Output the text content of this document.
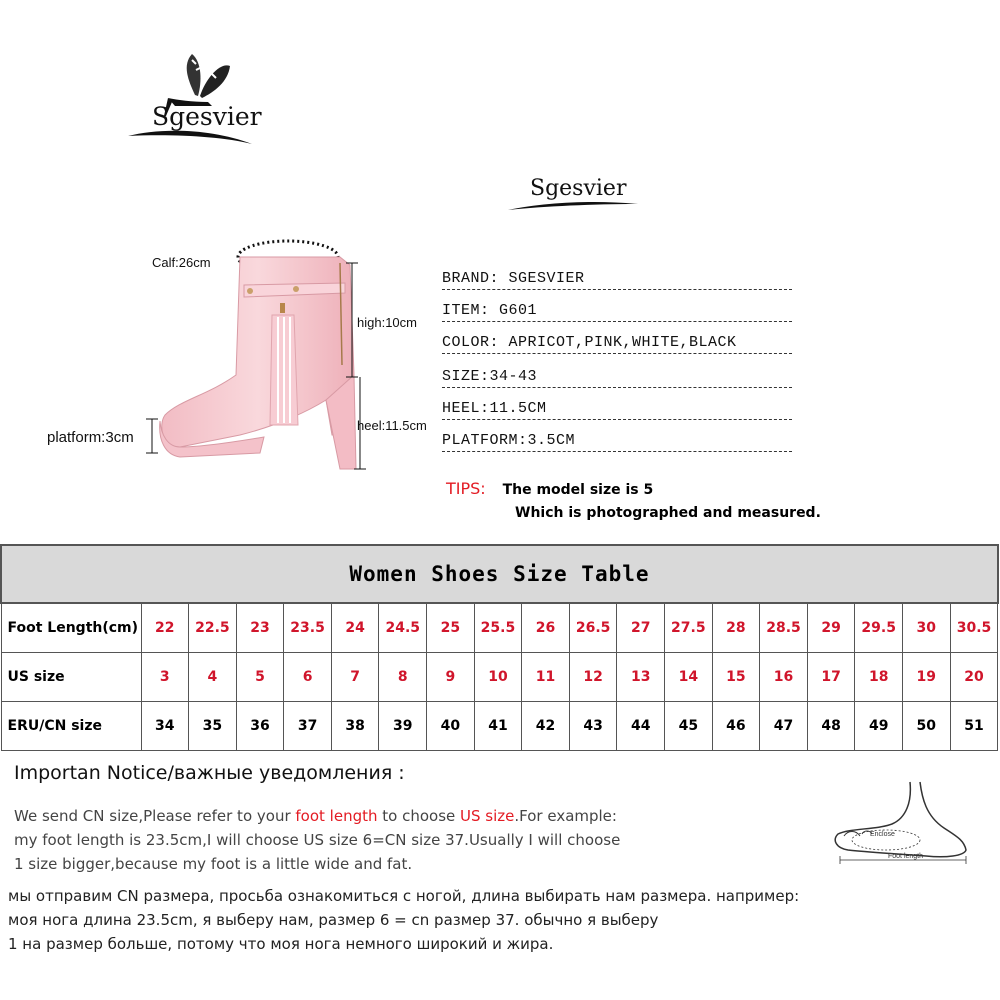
Sgesvier
Sgesvier
Calf:26cm
high:10cm
heel:11.5cm
platform:3cm
BRAND: SGESVIER
ITEM: G601
COLOR: APRICOT,PINK,WHITE,BLACK
SIZE:34-43
HEEL:11.5CM
PLATFORM:3.5CM
TIPS: The model size is 5
Which is photographed and measured.
Women Shoes Size Table																		
Foot Length(cm)	22	22.5	23	23.5	24	24.5	25	25.5	26	26.5	27	27.5	28	28.5	29	29.5	30	30.5
US size	3	4	5	6	7	8	9	10	11	12	13	14	15	16	17	18	19	20
ERU/CN size	34	35	36	37	38	39	40	41	42	43	44	45	46	47	48	49	50	51
Importan Notice/важные уведомления :
We send CN size,Please refer to your foot length to choose US size.For example:
my foot length is 23.5cm,I will choose US size 6=CN size 37.Usually I will choose
1 size bigger,because my foot is a little wide and fat.
Enclose
Foot length
мы отправим CN размера, просьба ознакомиться с ногой, длина выбирать нам размера. например:
моя нога длина 23.5cm, я выберу нам, размер 6 = cn размер 37. обычно я выберу
1 на размер больше, потому что моя нога немного широкий и жира.
